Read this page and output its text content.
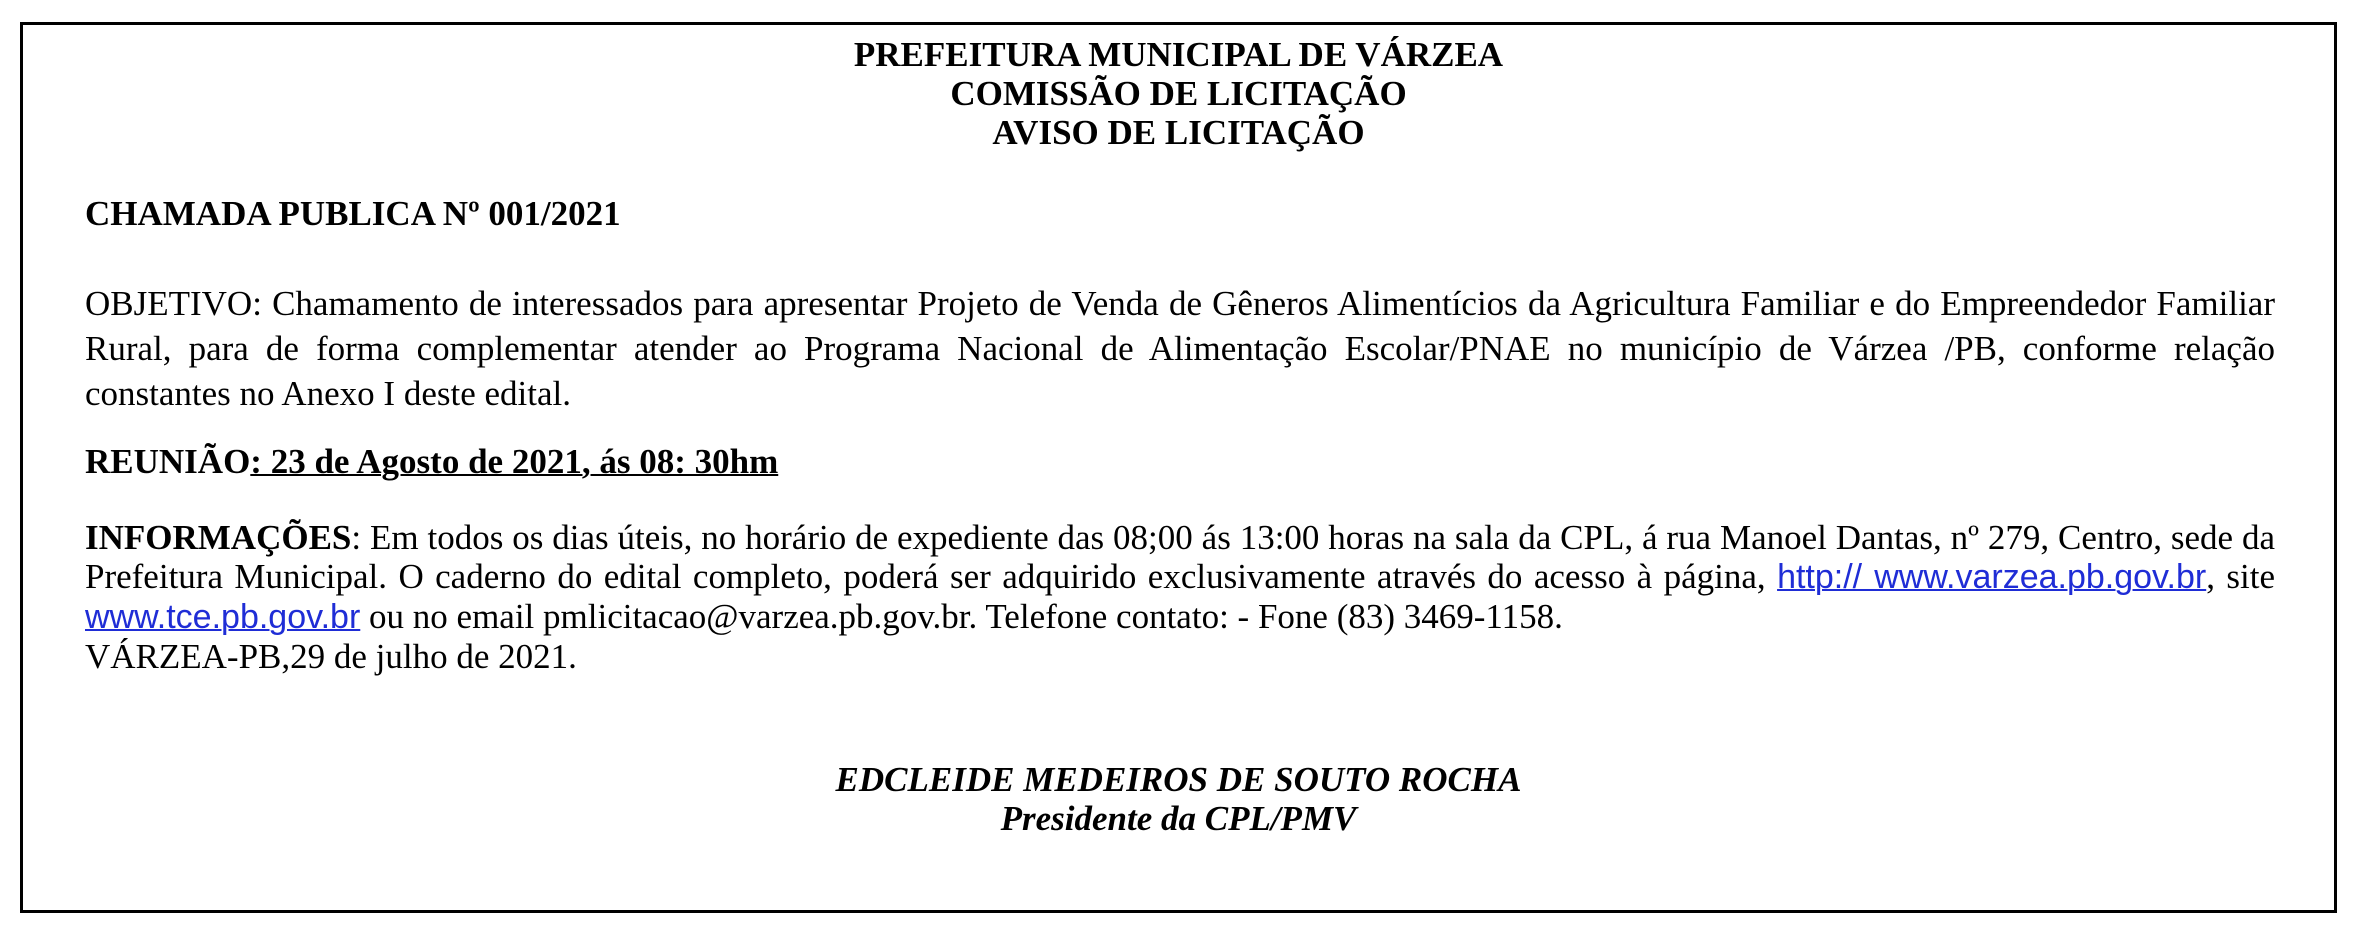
PREFEITURA MUNICIPAL DE VÁRZEA
COMISSÃO DE LICITAÇÃO
AVISO DE LICITAÇÃO
CHAMADA PUBLICA Nº 001/2021
OBJETIVO: Chamamento de interessados para apresentar Projeto de Venda de Gêneros Alimentícios da Agricultura Familiar e do Empreendedor Familiar Rural, para de forma complementar atender ao Programa Nacional de Alimentação Escolar/PNAE no município de Várzea /PB, conforme relação constantes no Anexo I deste edital.
REUNIÃO: 23 de Agosto de 2021, ás 08: 30hm
INFORMAÇÕES: Em todos os dias úteis, no horário de expediente das 08;00 ás 13:00 horas na sala da CPL, á rua Manoel Dantas, nº 279, Centro, sede da Prefeitura Municipal. O caderno do edital completo, poderá ser adquirido exclusivamente através do acesso à página, http:// www.varzea.pb.gov.br, site www.tce.pb.gov.br ou no email pmlicitacao@varzea.pb.gov.br. Telefone contato: - Fone (83) 3469-1158.
VÁRZEA-PB,29 de julho de 2021.
EDCLEIDE MEDEIROS DE SOUTO ROCHA
Presidente da CPL/PMV
